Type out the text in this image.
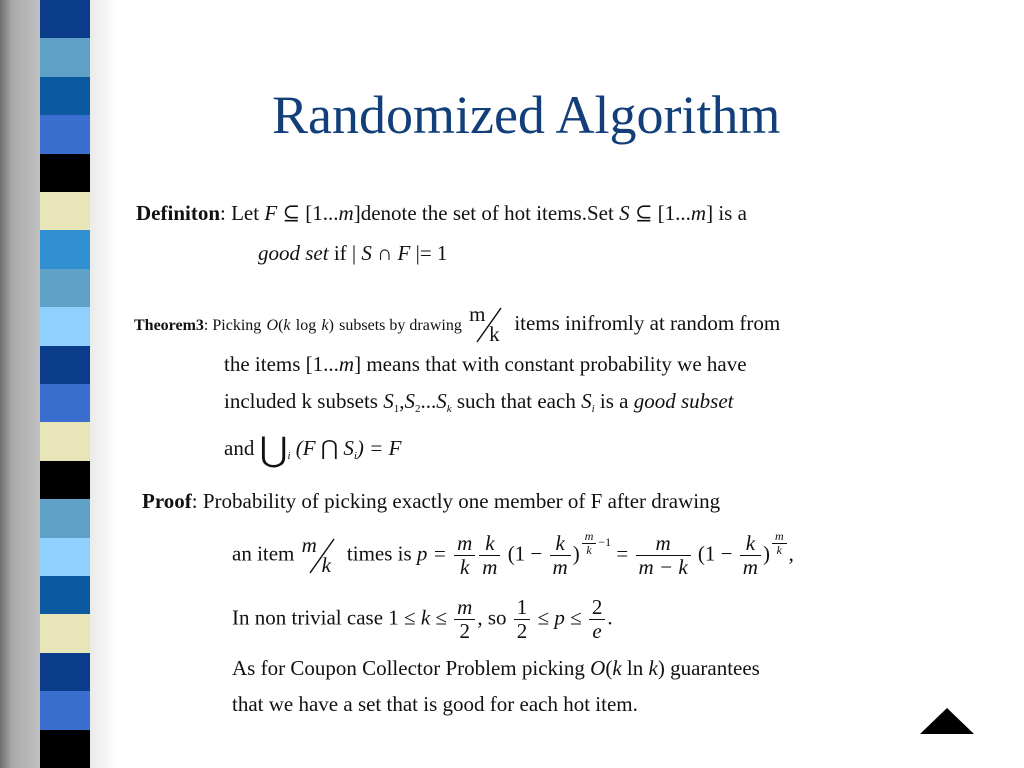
Randomized Algorithm
Definiton: Let F ⊆ [1...m]denote the set of hot items.Set S ⊆ [1...m] is a
good set if | S ∩ F |= 1
Theorem3: Picking O(k log k) subsets by drawing m
k items inifromly at random from
the items [1...m] means that with constant probability we have
included k subsets $S_1,S_2...S_k$ such that each $S_i$ is a good subset
and $⋃_i$ (F ⋂ $S_i) = F$
Proof: Probability of picking exactly one member of F after drawing
an item m
k times is $p = \frac{m}{k} \frac{k}{m} (1 - \frac{k}{m}$ ) $^{\frac{m}{k} -1} = \frac{m}{m - k} (1 - \frac{k}{m}$ ) $^{\frac{m}{k}}$ ,
In non trivial case $1 \le k \le \frac{m}{2}$ , so $\frac{1}{2} \le p \le \frac{2}{e}$ .
As for Coupon Collector Problem picking O(k ln k) guarantees
that we have a set that is good for each hot item.
